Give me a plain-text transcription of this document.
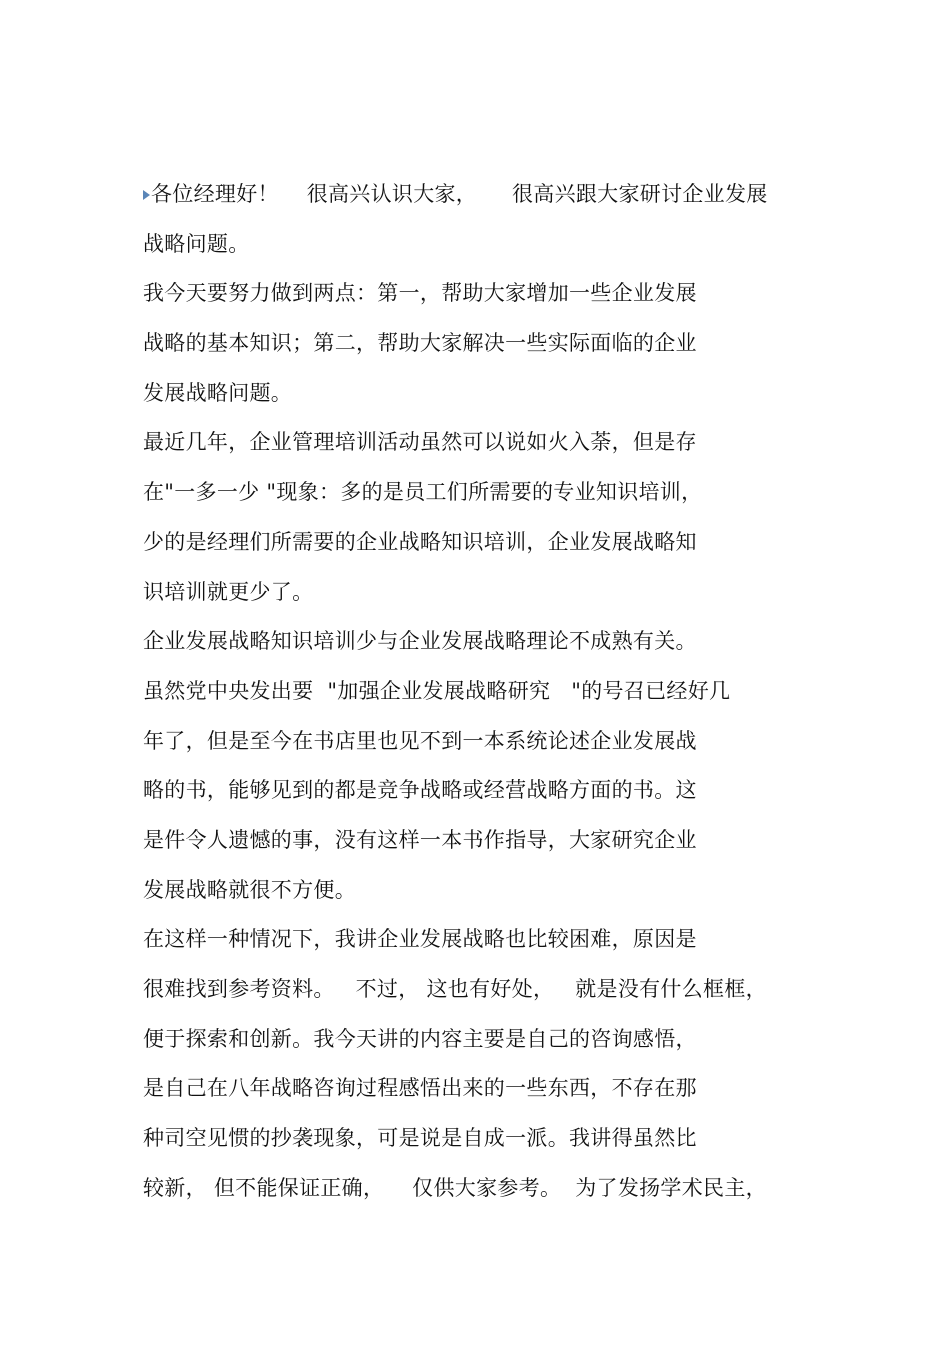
各位经理好！    很高兴认识大家，     很高兴跟大家研讨企业发展
战略问题。
我今天要努力做到两点：第一，帮助大家增加一些企业发展
战略的基本知识；第二，帮助大家解决一些实际面临的企业
发展战略问题。
最近几年，企业管理培训活动虽然可以说如火入荼，但是存
在"一多一少 "现象：多的是员工们所需要的专业知识培训，
少的是经理们所需要的企业战略知识培训，企业发展战略知
识培训就更少了。
企业发展战略知识培训少与企业发展战略理论不成熟有关。
虽然党中央发出要  "加强企业发展战略研究   "的号召已经好几
年了，但是至今在书店里也见不到一本系统论述企业发展战
略的书，能够见到的都是竞争战略或经营战略方面的书。这
是件令人遗憾的事，没有这样一本书作指导，大家研究企业
发展战略就很不方便。
在这样一种情况下，我讲企业发展战略也比较困难，原因是
很难找到参考资料。   不过， 这也有好处，   就是没有什么框框，
便于探索和创新。我今天讲的内容主要是自己的咨询感悟，
是自己在八年战略咨询过程感悟出来的一些东西，不存在那
种司空见惯的抄袭现象，可是说是自成一派。我讲得虽然比
较新， 但不能保证正确，    仅供大家参考。  为了发扬学术民主，
